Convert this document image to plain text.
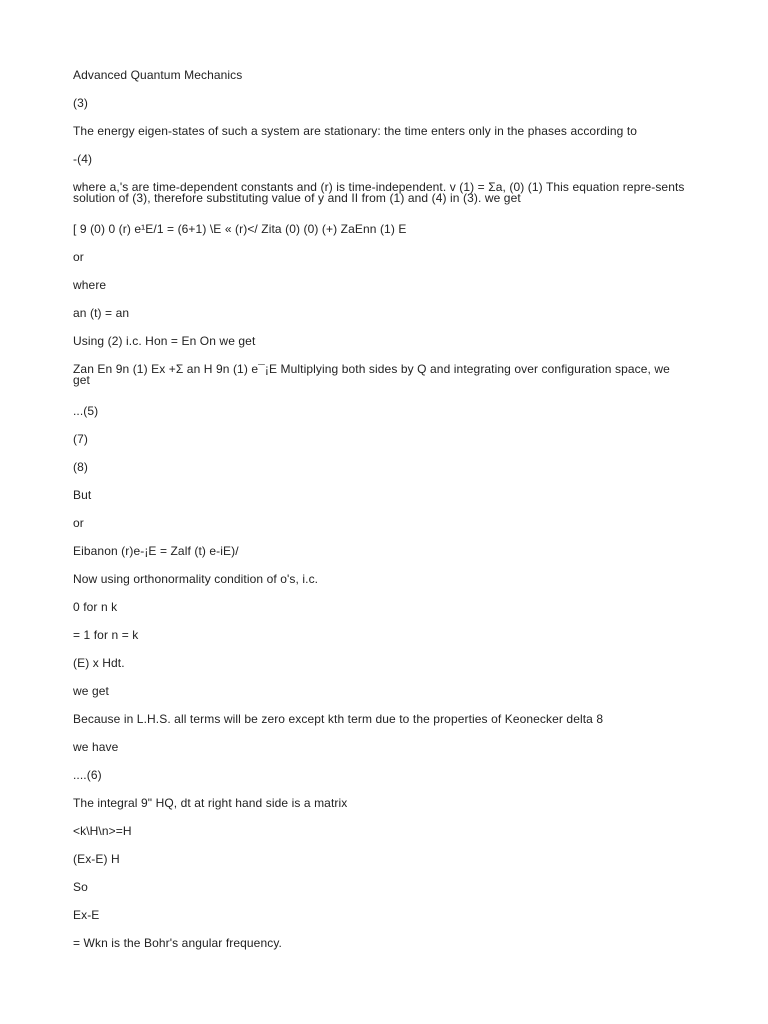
Advanced Quantum Mechanics
(3)
The energy eigen-states of such a system are stationary: the time enters only in the phases according to
-(4)
where a,'s are time-dependent constants and (r) is time-independent. v (1) = Σa, (0) (1) This equation repre-sents solution of (3), therefore substituting value of y and II from (1) and (4) in (3). we get
[ 9 (0) 0 (r) e¹E/1 = (6+1) \E « (r)</ Zita (0) (0) (+) ZaEnn (1) E
or
where
an (t) = an
Using (2) i.c. Hon = En On we get
Zan En 9n (1) Ex +Σ an H 9n (1) e¯¡E Multiplying both sides by Q and integrating over configuration space, we get
...(5)
(7)
(8)
But
or
Eibanon (r)e-¡E = Zalf (t) e-iE)/
Now using orthonormality condition of o's, i.c.
0 for n k
= 1 for n = k
(E) x Hdt.
we get
Because in L.H.S. all terms will be zero except kth term due to the properties of Keonecker delta 8
we have
....(6)
The integral 9" HQ, dt at right hand side is a matrix
<k\H\n>=H
(Ex-E) H
So
Ex-E
= Wkn is the Bohr's angular frequency.
